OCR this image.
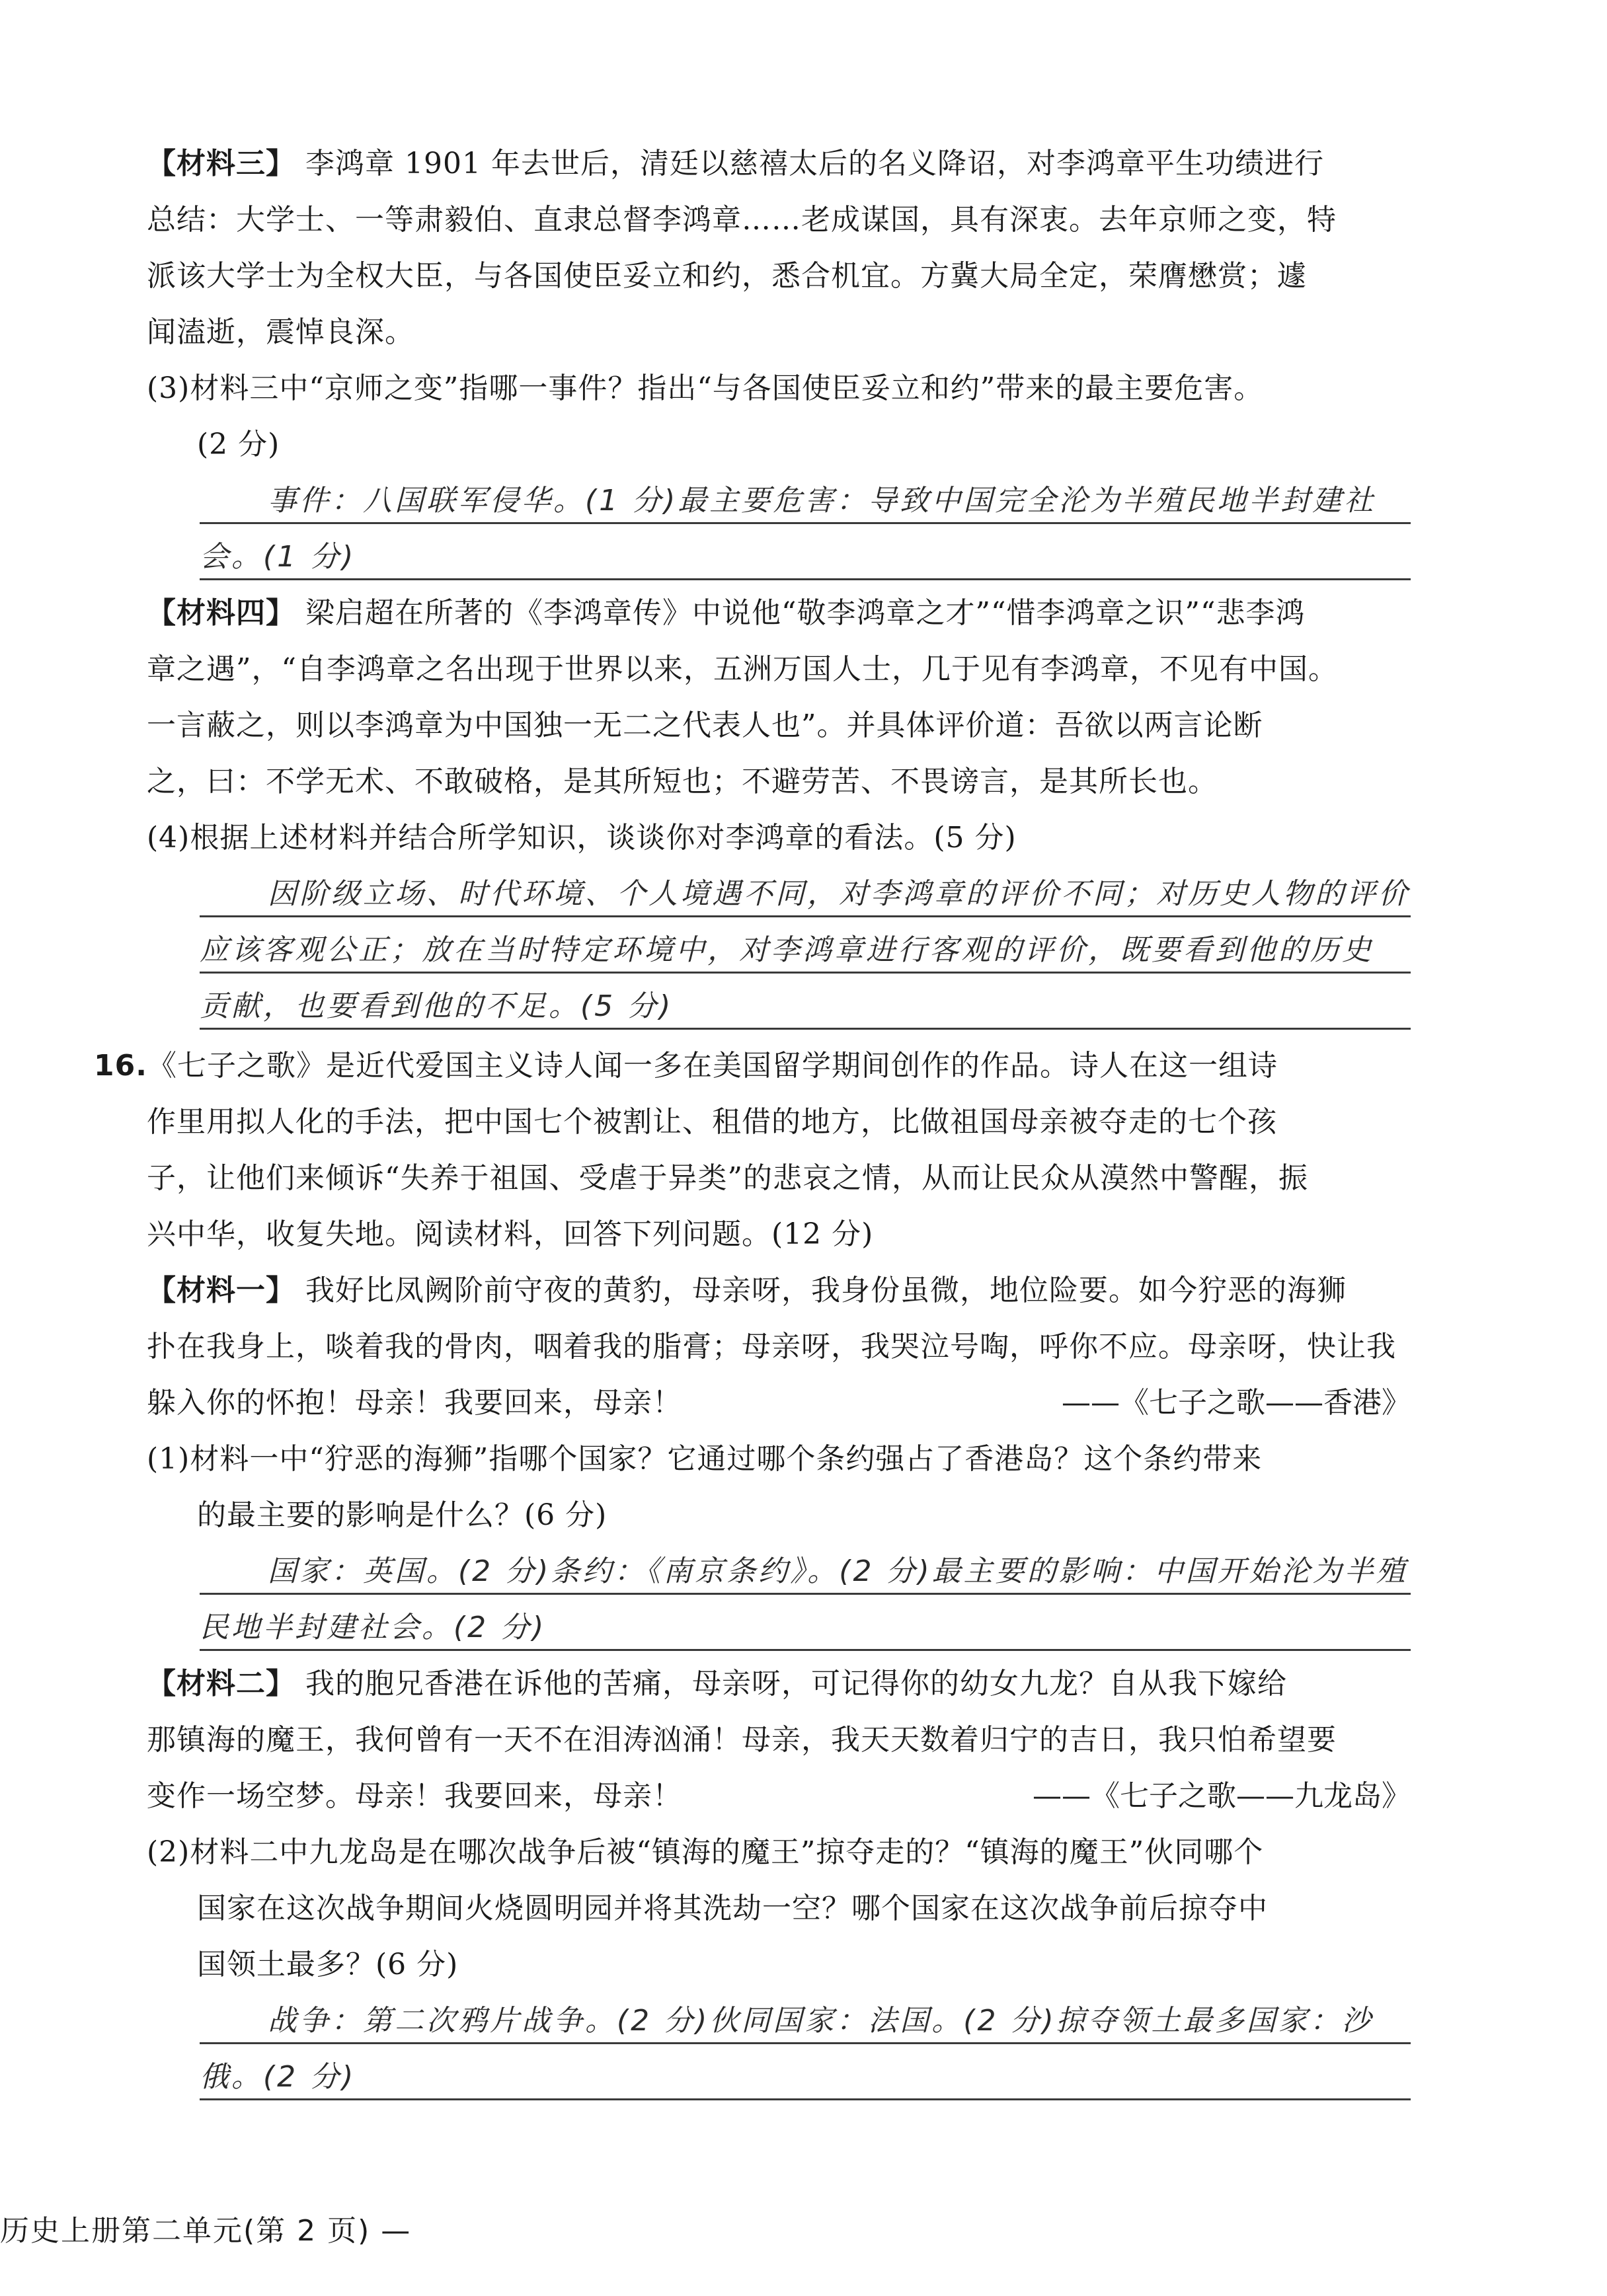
【材料三】 李鸿章 1901 年去世后，清廷以慈禧太后的名义降诏，对李鸿章平生功绩进行
总结：大学士、一等肃毅伯、直隶总督李鸿章……老成谋国，具有深衷。去年京师之变，特
派该大学士为全权大臣，与各国使臣妥立和约，悉合机宜。方冀大局全定，荣膺懋赏；遽
闻溘逝，震悼良深。
(3)材料三中“京师之变”指哪一事件？指出“与各国使臣妥立和约”带来的最主要危害。
(2 分)
事件：八国联军侵华。(1 分)最主要危害：导致中国完全沦为半殖民地半封建社
会。(1 分)
【材料四】 梁启超在所著的《李鸿章传》中说他“敬李鸿章之才”“惜李鸿章之识”“悲李鸿
章之遇”，“自李鸿章之名出现于世界以来，五洲万国人士，几于见有李鸿章，不见有中国。
一言蔽之，则以李鸿章为中国独一无二之代表人也”。并具体评价道：吾欲以两言论断
之，曰：不学无术、不敢破格，是其所短也；不避劳苦、不畏谤言，是其所长也。
(4)根据上述材料并结合所学知识，谈谈你对李鸿章的看法。(5 分)
因阶级立场、时代环境、个人境遇不同，对李鸿章的评价不同；对历史人物的评价
应该客观公正；放在当时特定环境中，对李鸿章进行客观的评价，既要看到他的历史
贡献，也要看到他的不足。(5 分)
16.《七子之歌》是近代爱国主义诗人闻一多在美国留学期间创作的作品。诗人在这一组诗
作里用拟人化的手法，把中国七个被割让、租借的地方，比做祖国母亲被夺走的七个孩
子，让他们来倾诉“失养于祖国、受虐于异类”的悲哀之情，从而让民众从漠然中警醒，振
兴中华，收复失地。阅读材料，回答下列问题。(12 分)
【材料一】 我好比凤阙阶前守夜的黄豹，母亲呀，我身份虽微，地位险要。如今狞恶的海狮
扑在我身上，啖着我的骨肉，咽着我的脂膏；母亲呀，我哭泣号啕，呼你不应。母亲呀，快让我
躲入你的怀抱！母亲！我要回来，母亲！	——《七子之歌——香港》
(1)材料一中“狞恶的海狮”指哪个国家？它通过哪个条约强占了香港岛？这个条约带来
的最主要的影响是什么？(6 分)
国家：英国。(2 分)条约：《南京条约》。(2 分)最主要的影响：中国开始沦为半殖
民地半封建社会。(2 分)
【材料二】 我的胞兄香港在诉他的苦痛，母亲呀，可记得你的幼女九龙？自从我下嫁给
那镇海的魔王，我何曾有一天不在泪涛汹涌！母亲，我天天数着归宁的吉日，我只怕希望要
变作一场空梦。母亲！我要回来，母亲！	——《七子之歌——九龙岛》
(2)材料二中九龙岛是在哪次战争后被“镇海的魔王”掠夺走的？“镇海的魔王”伙同哪个
国家在这次战争期间火烧圆明园并将其洗劫一空？哪个国家在这次战争前后掠夺中
国领土最多？(6 分)
战争：第二次鸦片战争。(2 分)伙同国家：法国。(2 分)掠夺领土最多国家：沙
俄。(2 分)
历史上册第二单元(第 2 页) —
